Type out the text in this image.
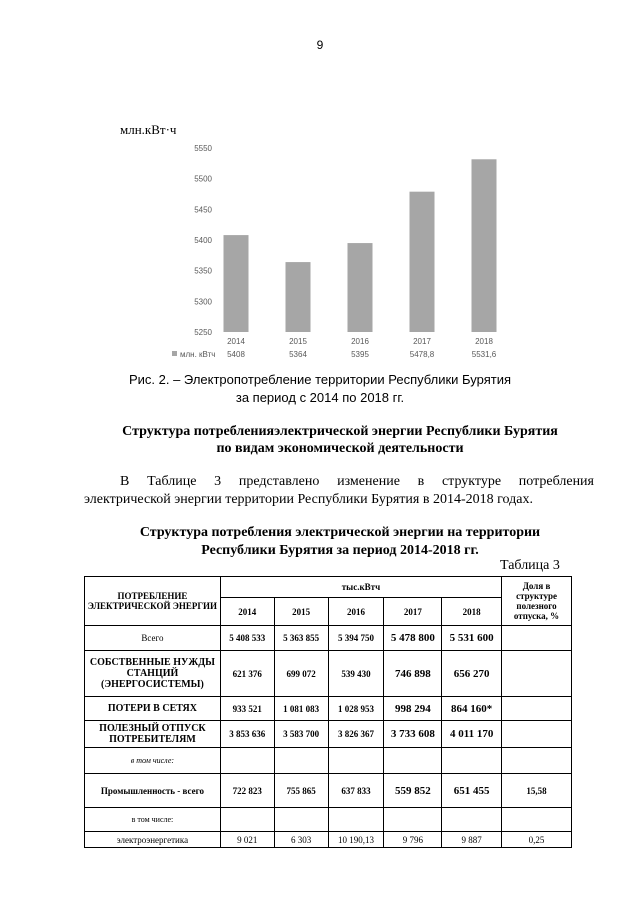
9
млн.кВт·ч
5550
5500
5450
5400
5350
5300
5250
2014
5408
2015
5364
2016
5395
2017
5478,8
2018
5531,6
млн. кВтч
Рис. 2. – Электропотребление территории Республики Бурятия
за период с 2014 по 2018 гг.
Структура потребленияэлектрической энергии Республики Бурятия
по видам экономической деятельности
В Таблице 3 представлено изменение в структуре потребления
электрической энергии территории Республики Бурятия в 2014-2018 годах.
Структура потребления электрической энергии на территории
Республики Бурятия за период 2014-2018 гг.
Таблица 3
ПОТРЕБЛЕНИЕ ЭЛЕКТРИЧЕСКОЙ ЭНЕРГИИ	тыс.кВтч					Доля в структуре полезного отпуска, %
	2014	2015	2016	2017	2018	
Всего	5 408 533	5 363 855	5 394 750	5 478 800	5 531 600	
СОБСТВЕННЫЕ НУЖДЫ СТАНЦИЙ (ЭНЕРГОСИСТЕМЫ)	621 376	699 072	539 430	746 898	656 270	
ПОТЕРИ В СЕТЯХ	933 521	1 081 083	1 028 953	998 294	864 160*	
ПОЛЕЗНЫЙ ОТПУСК ПОТРЕБИТЕЛЯМ	3 853 636	3 583 700	3 826 367	3 733 608	4 011 170	
в том числе:						
Промышленность - всего	722 823	755 865	637 833	559 852	651 455	15,58
в том числе:						
электроэнергетика	9 021	6 303	10 190,13	9 796	9 887	0,25
